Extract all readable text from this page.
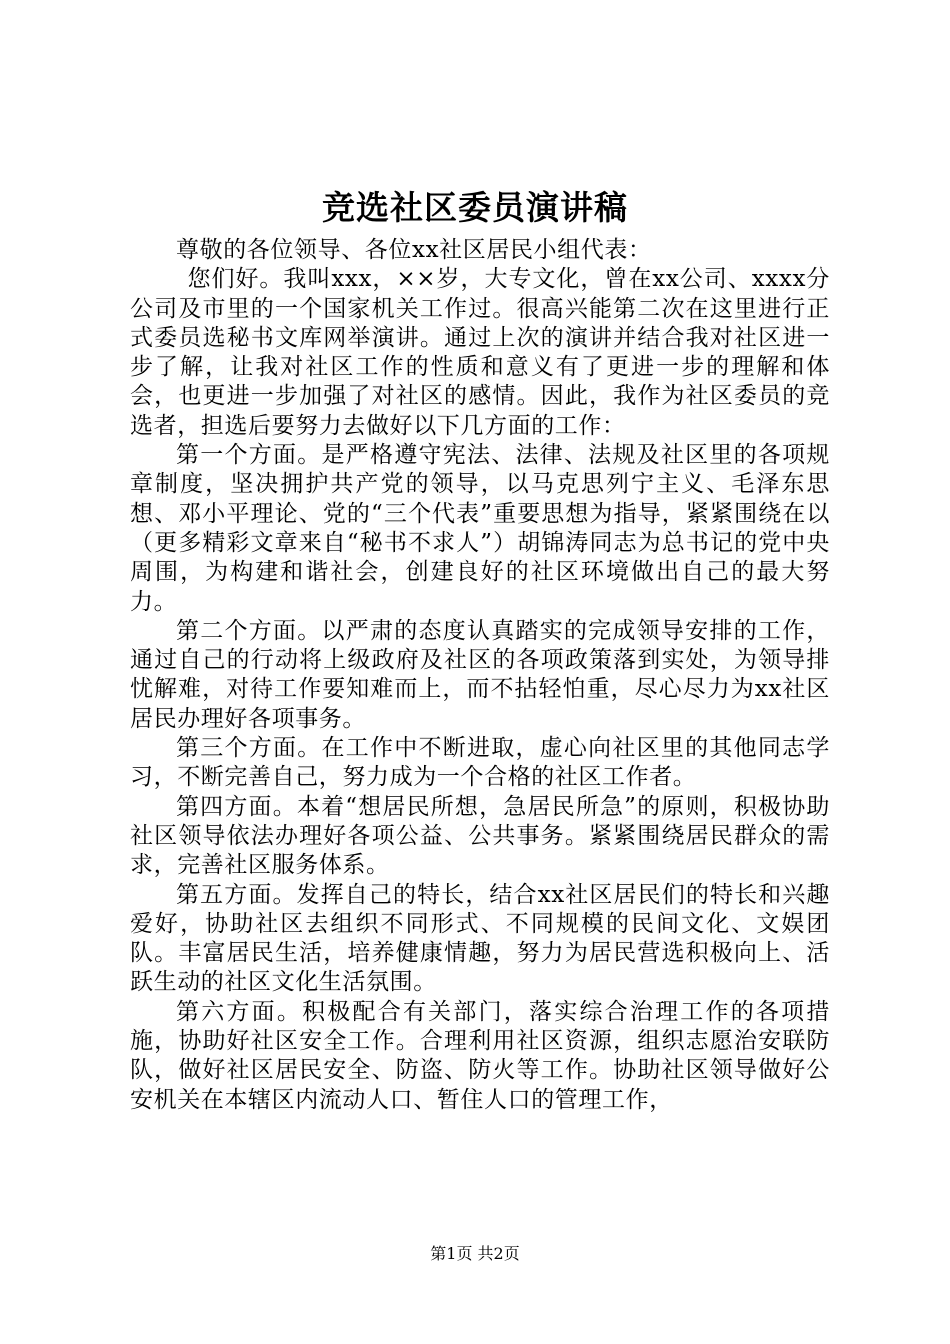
竞选社区委员演讲稿

尊敬的各位领导、各位xx社区居民小组代表：

您们好。我叫xxx，××岁，大专文化，曾在xx公司、xxxx分公司及市里的一个国家机关工作过。很高兴能第二次在这里进行正式委员选秘书文库网举演讲。通过上次的演讲并结合我对社区进一步了解，让我对社区工作的性质和意义有了更进一步的理解和体会，也更进一步加强了对社区的感情。因此，我作为社区委员的竞选者，担选后要努力去做好以下几方面的工作：

第一个方面。是严格遵守宪法、法律、法规及社区里的各项规章制度，坚决拥护共产党的领导，以马克思列宁主义、毛泽东思想、邓小平理论、党的“三个代表”重要思想为指导，紧紧围绕在以（更多精彩文章来自“秘书不求人”）胡锦涛同志为总书记的党中央周围，为构建和谐社会，创建良好的社区环境做出自己的最大努力。

第二个方面。以严肃的态度认真踏实的完成领导安排的工作，通过自己的行动将上级政府及社区的各项政策落到实处，为领导排忧解难，对待工作要知难而上，而不拈轻怕重，尽心尽力为xx社区居民办理好各项事务。

第三个方面。在工作中不断进取，虚心向社区里的其他同志学习，不断完善自己，努力成为一个合格的社区工作者。

第四方面。本着“想居民所想，急居民所急”的原则，积极协助社区领导依法办理好各项公益、公共事务。紧紧围绕居民群众的需求，完善社区服务体系。

第五方面。发挥自己的特长，结合xx社区居民们的特长和兴趣爱好，协助社区去组织不同形式、不同规模的民间文化、文娱团队。丰富居民生活，培养健康情趣，努力为居民营选积极向上、活跃生动的社区文化生活氛围。

第六方面。积极配合有关部门，落实综合治理工作的各项措施，协助好社区安全工作。合理利用社区资源，组织志愿治安联防队，做好社区居民安全、防盗、防火等工作。协助社区领导做好公安机关在本辖区内流动人口、暂住人口的管理工作，

第1页 共2页
